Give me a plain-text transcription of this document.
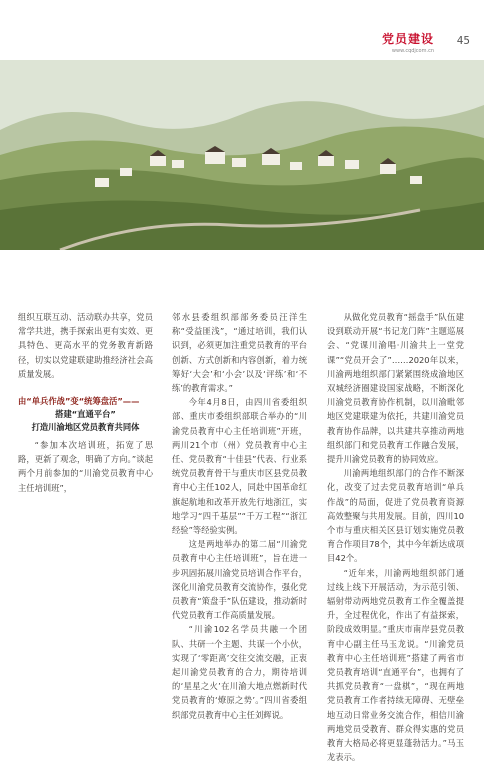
党员建设
www.cqdjcom.cn
45

组织互联互动、活动联办共享，党员常学共进，携手探索出更有实效、更具特色、更高水平的党务教育新路径，切实以党建联建助推经济社会高质量发展。

由“单兵作战”变“统筹盘活”——
搭建“直通平台”
打造川渝地区党员教育共同体

“参加本次培训班，拓宽了思路，更新了观念，明确了方向。”谈起两个月前参加的“川渝党员教育中心主任培训班”，

邻水县委组织部部务委员汪洋生称“受益匪浅”，“通过培训，我们认识到，必须更加注重党员教育的平台创新、方式创新和内容创新，着力统筹好‘大会’和‘小会’以及‘评练’和‘不练’的教育需求。”

今年4月8日，由四川省委组织部、重庆市委组织部联合举办的“川渝党员教育中心主任培训班”开班，两川21个市（州）党员教育中心主任、党员教育“十佳县”代表、行业系统党员教育骨干与重庆市区县党员教育中心主任102人，同赴中国革命红旗起航地和改革开放先行地浙江，实地学习“四千基层”“千万工程”“浙江经验”等经验实例。

这是两地举办的第二届“川渝党员教育中心主任培训班”，旨在进一步巩固拓展川渝党员培训合作平台，深化川渝党员教育交流协作，强化党员教育“策盘手”队伍建设，推动新时代党员教育工作高质量发展。

“川渝102名学员共融一个团队、共研一个主题、共谋一个小伙，实现了‘零距离’交往交流交融，正衷起川渝党员教育的合力，期待培训的‘星星之火’在川渝大地点燃新时代党员教育的‘燎原之势’。”四川省委组织部党员教育中心主任刘辉说。

从做化党员教育“摇盘手”队伍建设到联动开展“书记龙门阵”主题巡展会、“党课川渝唱·川渝共上一堂党课”“党员开会了”……2020年以来，川渝两地组织部门紧紧围绕成渝地区双城经济圈建设国家战略，不断深化川渝党员教育协作机制，以川渝毗邻地区党建联建为依托，共建川渝党员教育协作品牌，以共建共享推动两地组织部门和党员教育工作融合发展，提升川渝党员教育的协同效应。

川渝两地组织部门的合作不断深化，改变了过去党员教育培训“单兵作战”的局面，促进了党员教育资源高效整聚与共用发展。目前，四川10个市与重庆相关区县订划实施党员教育合作项目78个，其中今年新达成项目42个。

“近年来，川渝两地组织部门通过线上线下开展活动，为示范引领、辐射带动两地党员教育工作全覆盖提升，全过程优化，作出了有益探索，阶段成效明显。”重庆市南岸县党员教育中心副主任马玉龙说。“川渝党员教育中心主任培训班”搭建了两省市党员教育培训“直通平台”，也拥有了共抓党员教育“一盘棋”，“现在两地党员教育工作者持续无障碍、无壁垒地互动日常业务交流合作，相信川渝两地党员受教育、群众得实惠的党员教育大格局必将更显蓬勃活力。”马玉龙表示。
